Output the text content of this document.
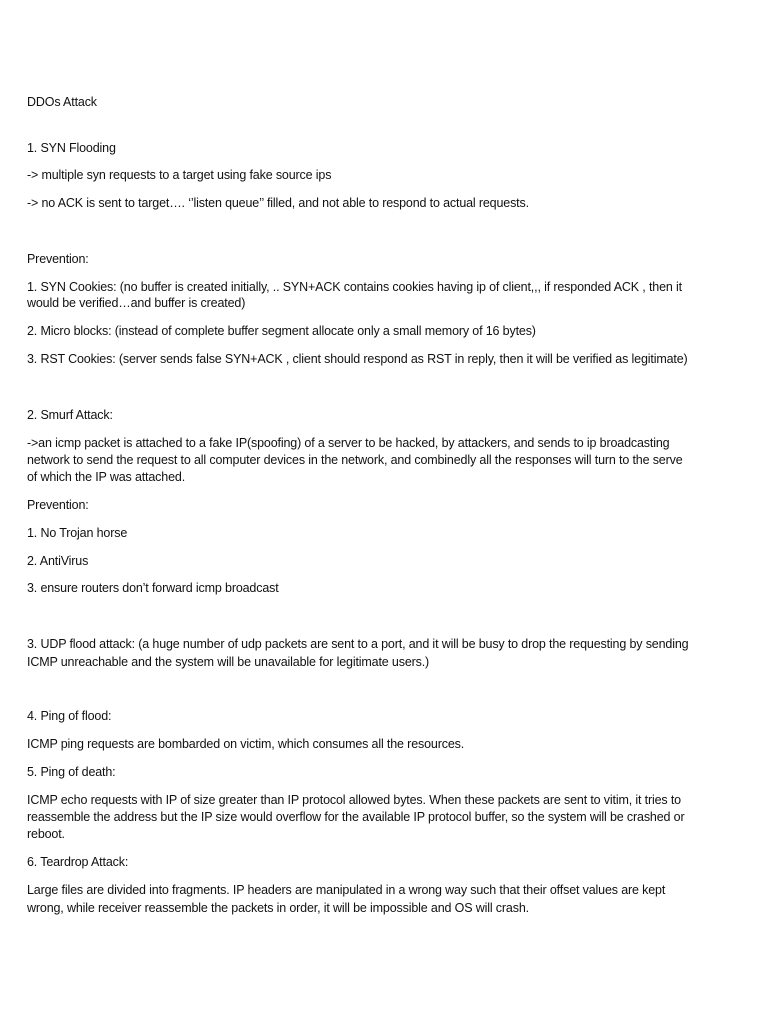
DDOs Attack
1. SYN Flooding
-> multiple syn requests to a target using fake source ips
-> no ACK is sent to target…. ‘’listen queue’’ filled, and not able to respond to actual requests.
Prevention:
1. SYN Cookies: (no buffer is created initially, .. SYN+ACK contains cookies having ip of client,,, if responded ACK , then it
would be verified…and buffer is created)
2. Micro blocks: (instead of complete buffer segment allocate only a small memory of 16 bytes)
3. RST Cookies: (server sends false SYN+ACK , client should respond as RST in reply, then it will be verified as legitimate)
2. Smurf Attack:
->an icmp packet is attached to a fake IP(spoofing) of a server to be hacked, by attackers, and sends to ip broadcasting
network to send the request to all computer devices in the network, and combinedly all the responses will turn to the serve
of which the IP was attached.
Prevention:
1. No Trojan horse
2. AntiVirus
3. ensure routers don’t forward icmp broadcast
3. UDP flood attack: (a huge number of udp packets are sent to a port, and it will be busy to drop the requesting by sending
ICMP unreachable and the system will be unavailable for legitimate users.)
4. Ping of flood:
ICMP ping requests are bombarded on victim, which consumes all the resources.
5. Ping of death:
ICMP echo requests with IP of size greater than IP protocol allowed bytes. When these packets are sent to vitim, it tries to
reassemble the address but the IP size would overflow for the available IP protocol buffer, so the system will be crashed or
reboot.
6. Teardrop Attack:
Large files are divided into fragments. IP headers are manipulated in a wrong way such that their offset values are kept
wrong, while receiver reassemble the packets in order, it will be impossible and OS will crash.
